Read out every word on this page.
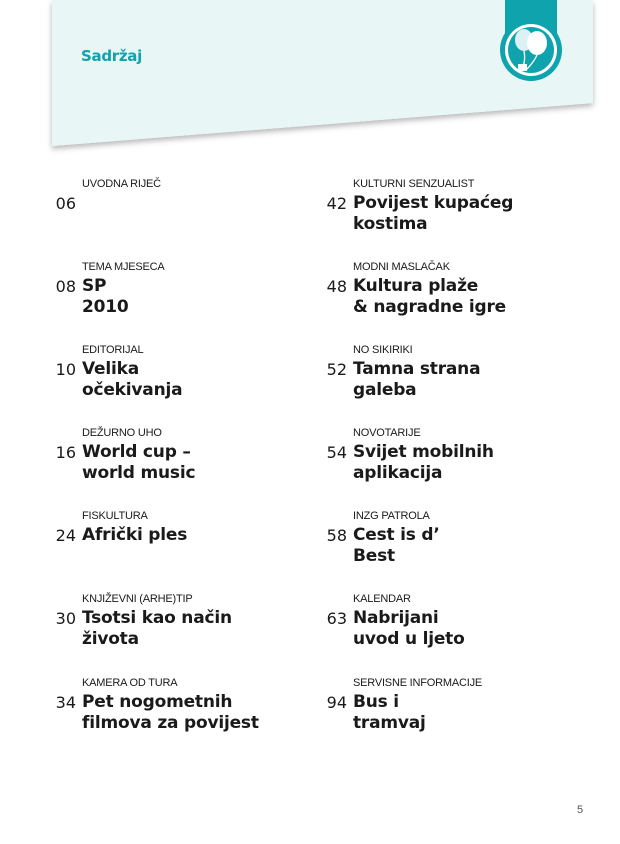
Sadržaj
06
UVODNA RIJEČ
08
TEMA MJESECA
SP
2010
10
EDITORIJAL
Velika
očekivanja
16
DEŽURNO UHO
World cup –
world music
24
FISKULTURA
Afrički ples
30
KNJIŽEVNI (ARHE)TIP
Tsotsi kao način
života
34
KAMERA OD TURA
Pet nogometnih
filmova za povijest
42
KULTURNI SENZUALIST
Povijest kupaćeg
kostima
48
MODNI MASLAČAK
Kultura plaže
& nagradne igre
52
NO SIKIRIKI
Tamna strana
galeba
54
NOVOTARIJE
Svijet mobilnih
aplikacija
58
INZG PATROLA
Cest is d’
Best
63
KALENDAR
Nabrijani
uvod u ljeto
94
SERVISNE INFORMACIJE
Bus i
tramvaj
5
